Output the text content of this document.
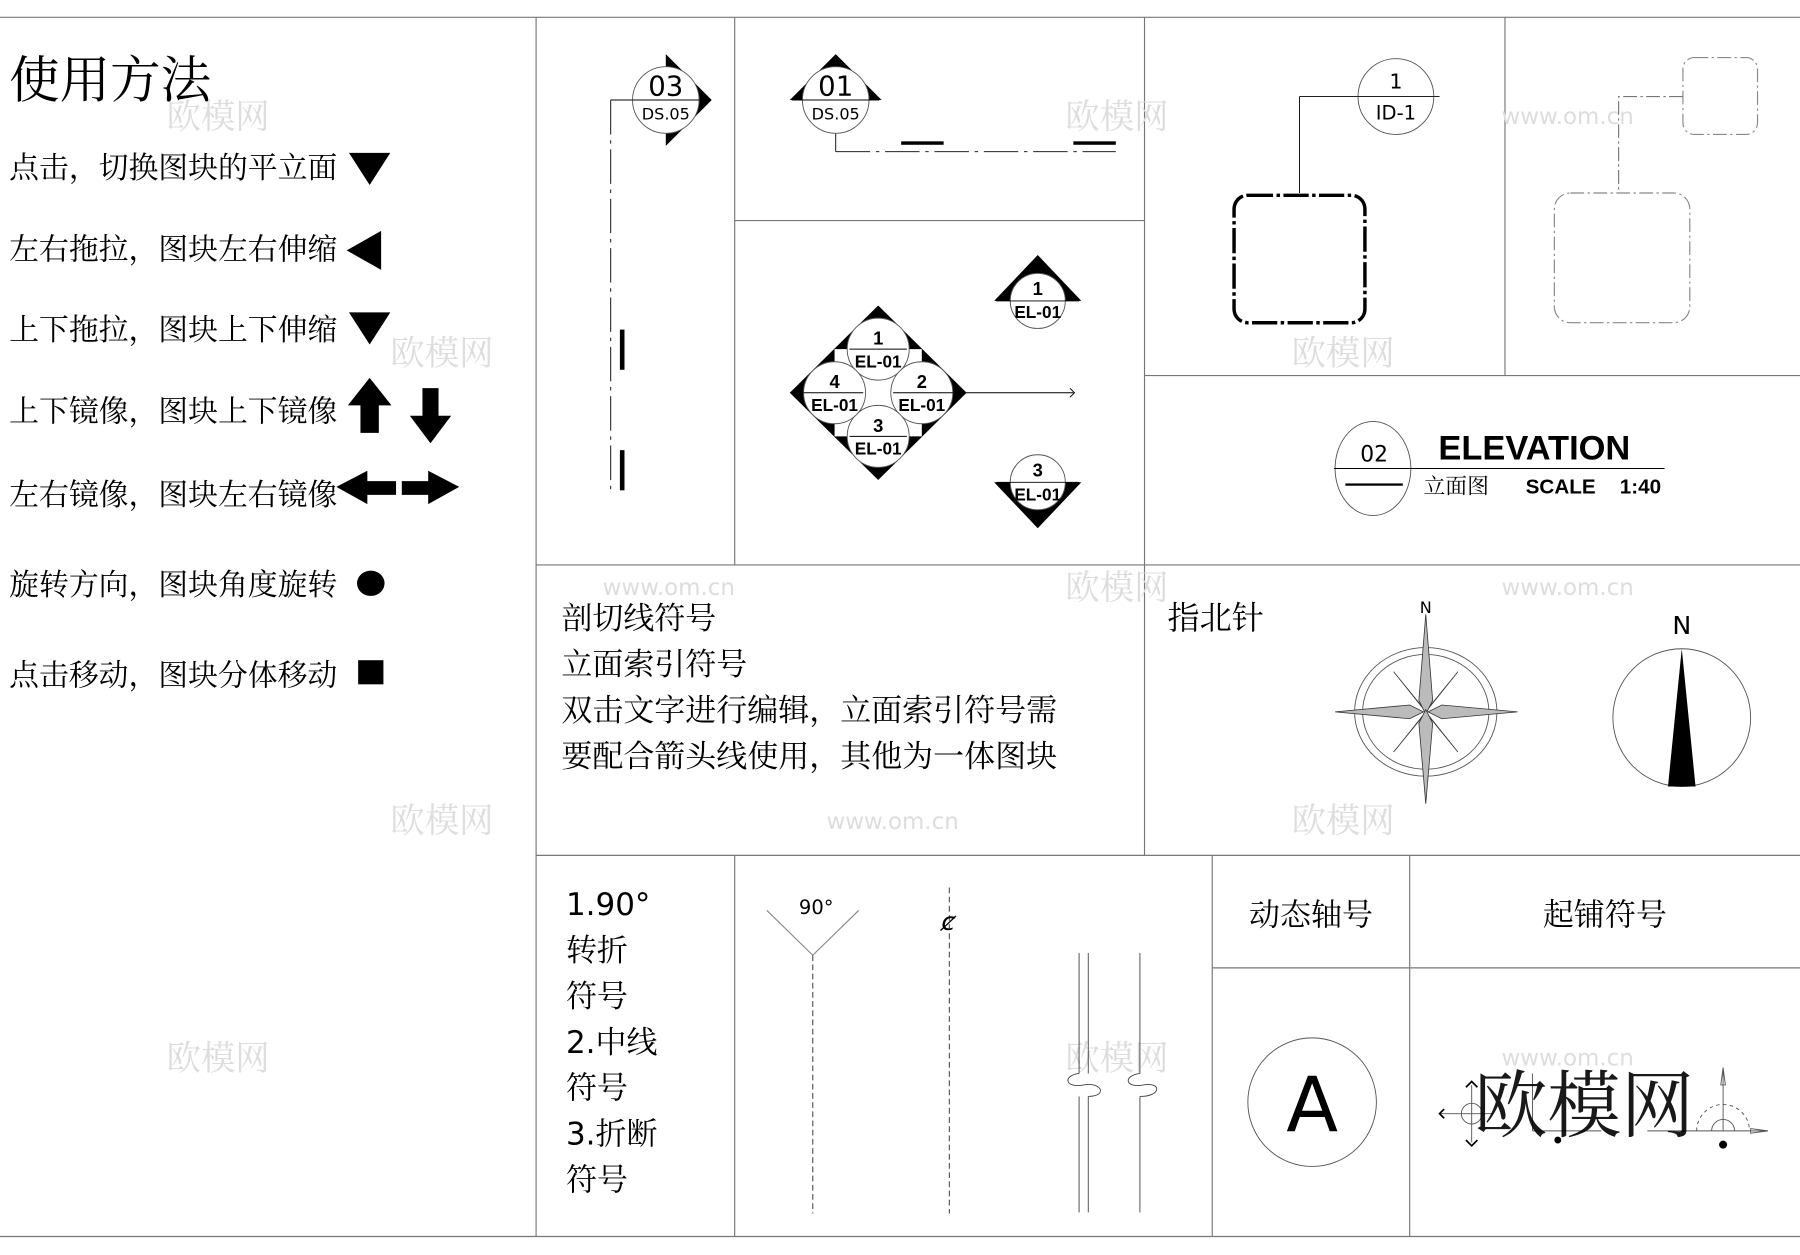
欧模网
欧模网
欧模网
欧模网
欧模网	欧模网
欧模网	欧模网
欧模网
www.om.cn
www.om.cn
www.om.cn
www.om.cn
www.om.cn
使用方法
点击，切换图块的平立面
左右拖拉，图块左右伸缩
上下拖拉，图块上下伸缩
上下镜像，图块上下镜像
左右镜像，图块左右镜像
旋转方向，图块角度旋转
点击移动，图块分体移动
03
DS.05
01
DS.05
1
EL-01
2
EL-01
3
EL-01
4
EL-01
1
EL-01
3
EL-01
1
ID-1
02 ELEVATION
立面图 SCALE 1:40
剖切线符号
立面索引符号
双击文字进行编辑，立面索引符号需
要配合箭头线使用，其他为一体图块
指北针	N
N
1.90°
转折
符号
2.中线
符号
3.折断
符号
90°	ȼ	动态轴号
A
起铺符号
欧模网
